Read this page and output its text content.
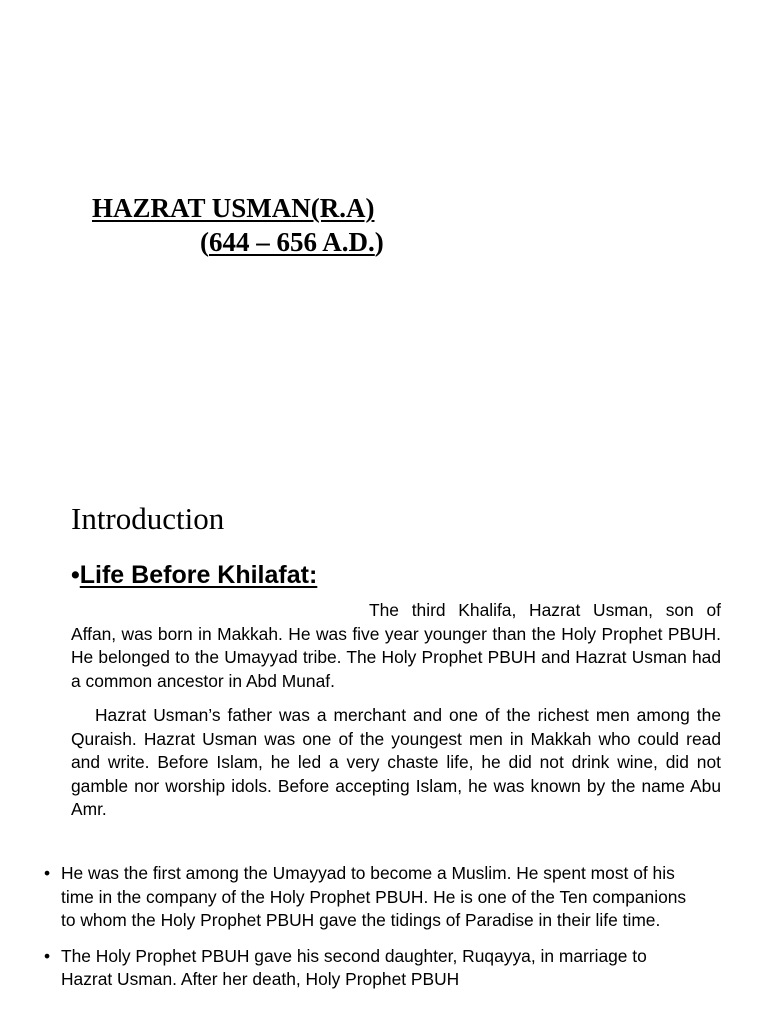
HAZRAT USMAN(R.A)
(644 – 656 A.D.)
Introduction
•Life Before Khilafat:

The third Khalifa, Hazrat Usman, son of Affan, was born in Makkah. He was five year younger than the Holy Prophet PBUH. He belonged to the Umayyad tribe. The Holy Prophet PBUH and Hazrat Usman had a common ancestor in Abd Munaf.

Hazrat Usman’s father was a merchant and one of the richest men among the Quraish. Hazrat Usman was one of the youngest men in Makkah who could read and write. Before Islam, he led a very chaste life, he did not drink wine, did not gamble nor worship idols. Before accepting Islam, he was known by the name Abu Amr.

• He was the first among the Umayyad to become a Muslim. He spent most of his time in the company of the Holy Prophet PBUH. He is one of the Ten companions to whom the Holy Prophet PBUH gave the tidings of Paradise in their life time.
• The Holy Prophet PBUH gave his second daughter, Ruqayya, in marriage to Hazrat Usman. After her death, Holy Prophet PBUH
